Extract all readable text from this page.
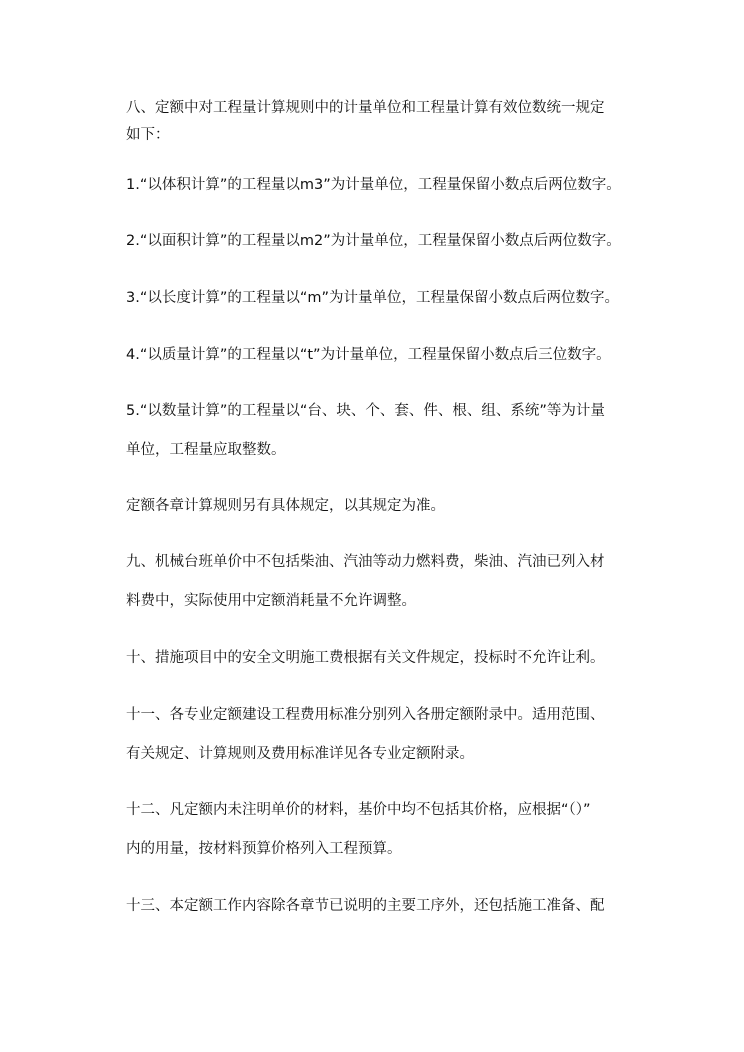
八、定额中对工程量计算规则中的计量单位和工程量计算有效位数统一规定
如下：
1.“以体积计算”的工程量以m3”为计量单位，工程量保留小数点后两位数字。
2.“以面积计算”的工程量以m2”为计量单位，工程量保留小数点后两位数字。
3.“以长度计算”的工程量以“m”为计量单位，工程量保留小数点后两位数字。
4.“以质量计算”的工程量以“t”为计量单位，工程量保留小数点后三位数字。
5.“以数量计算”的工程量以“台、块、个、套、件、根、组、系统”等为计量
单位，工程量应取整数。
定额各章计算规则另有具体规定，以其规定为准。
九、机械台班单价中不包括柴油、汽油等动力燃料费，柴油、汽油已列入材
料费中，实际使用中定额消耗量不允许调整。
十、措施项目中的安全文明施工费根据有关文件规定，投标时不允许让利。
十一、各专业定额建设工程费用标准分别列入各册定额附录中。适用范围、
有关规定、计算规则及费用标准详见各专业定额附录。
十二、凡定额内未注明单价的材料，基价中均不包括其价格，应根据“（）”
内的用量，按材料预算价格列入工程预算。
十三、本定额工作内容除各章节已说明的主要工序外，还包括施工准备、配
